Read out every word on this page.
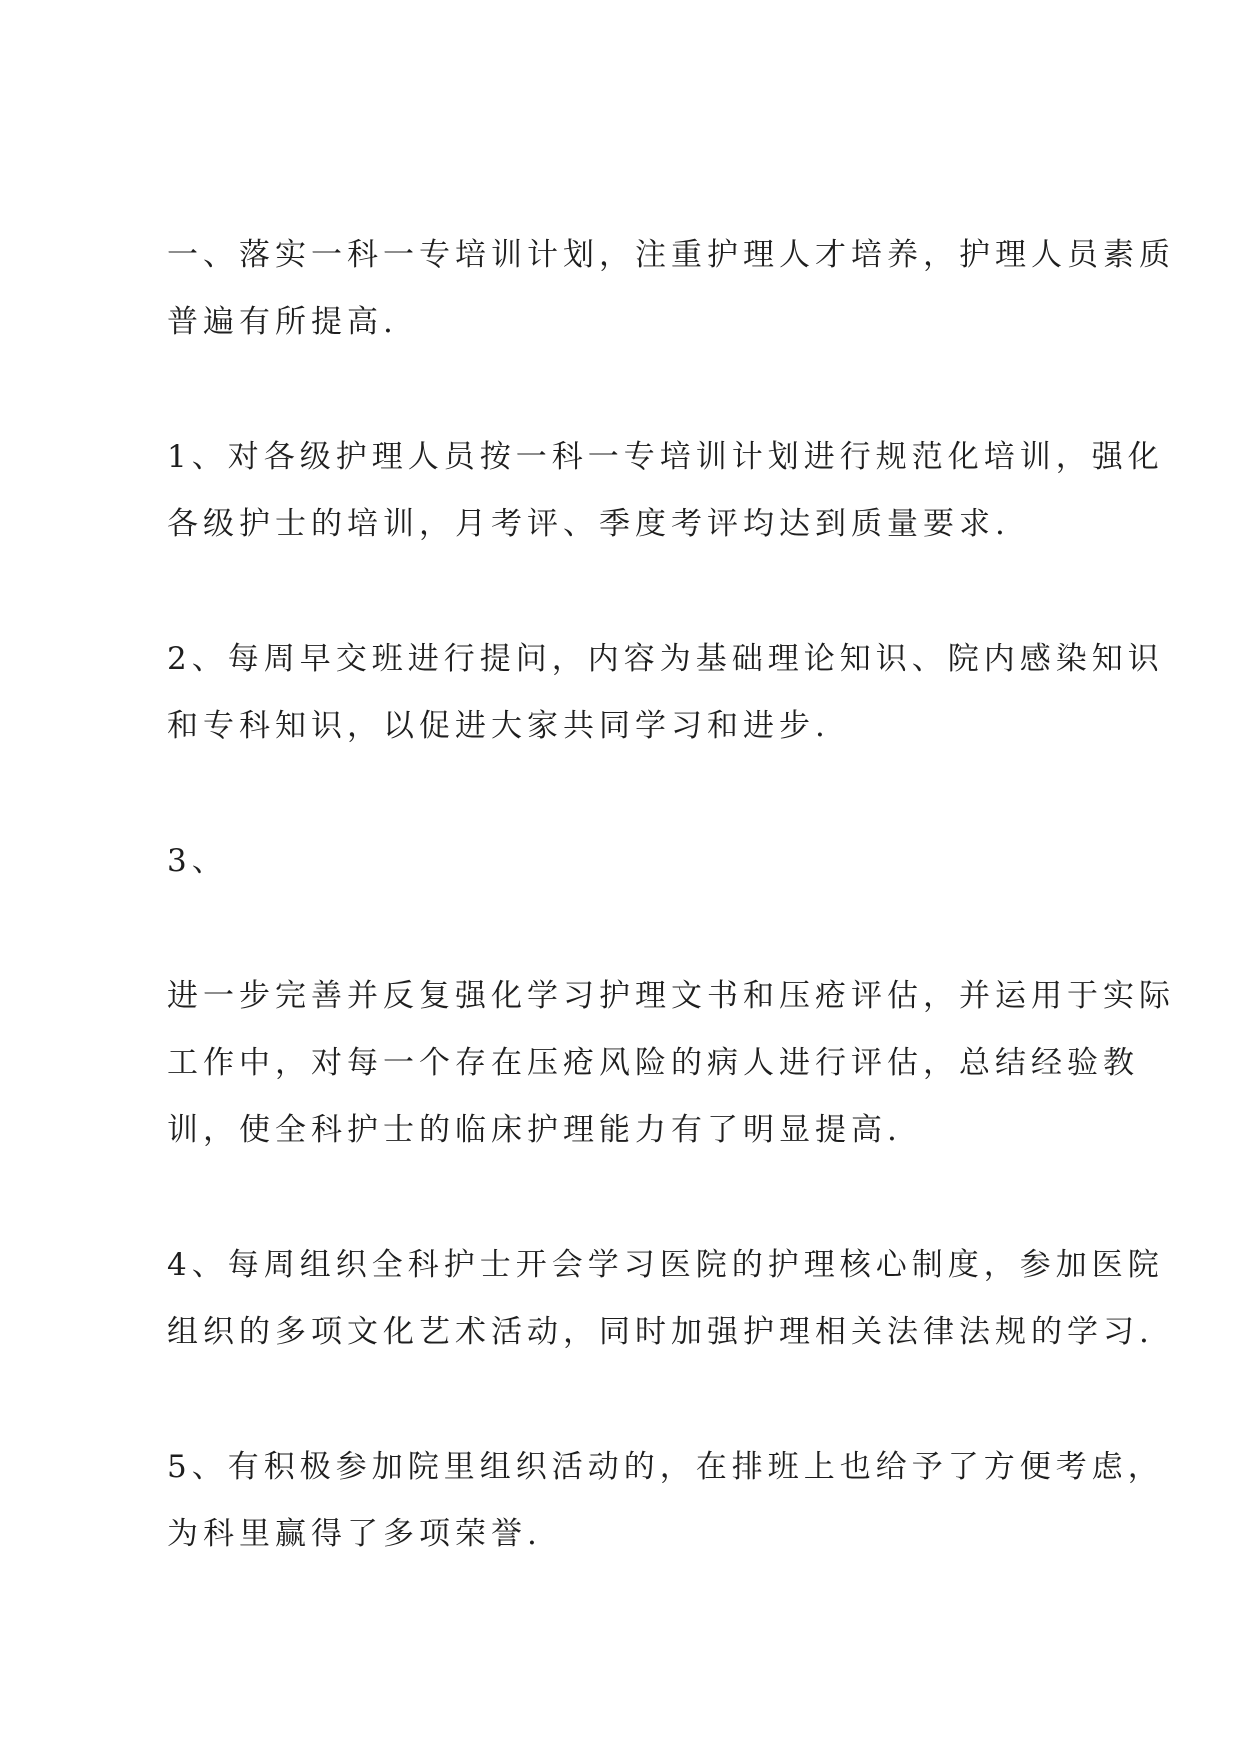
一、落实一科一专培训计划，注重护理人才培养，护理人员素质
普遍有所提高.

1、对各级护理人员按一科一专培训计划进行规范化培训，强化
各级护士的培训，月考评、季度考评均达到质量要求.

2、每周早交班进行提问，内容为基础理论知识、院内感染知识
和专科知识，以促进大家共同学习和进步.

3、

进一步完善并反复强化学习护理文书和压疮评估，并运用于实际
工作中，对每一个存在压疮风险的病人进行评估，总结经验教
训，使全科护士的临床护理能力有了明显提高.

4、每周组织全科护士开会学习医院的护理核心制度，参加医院
组织的多项文化艺术活动，同时加强护理相关法律法规的学习.

5、有积极参加院里组织活动的，在排班上也给予了方便考虑，
为科里赢得了多项荣誉.
